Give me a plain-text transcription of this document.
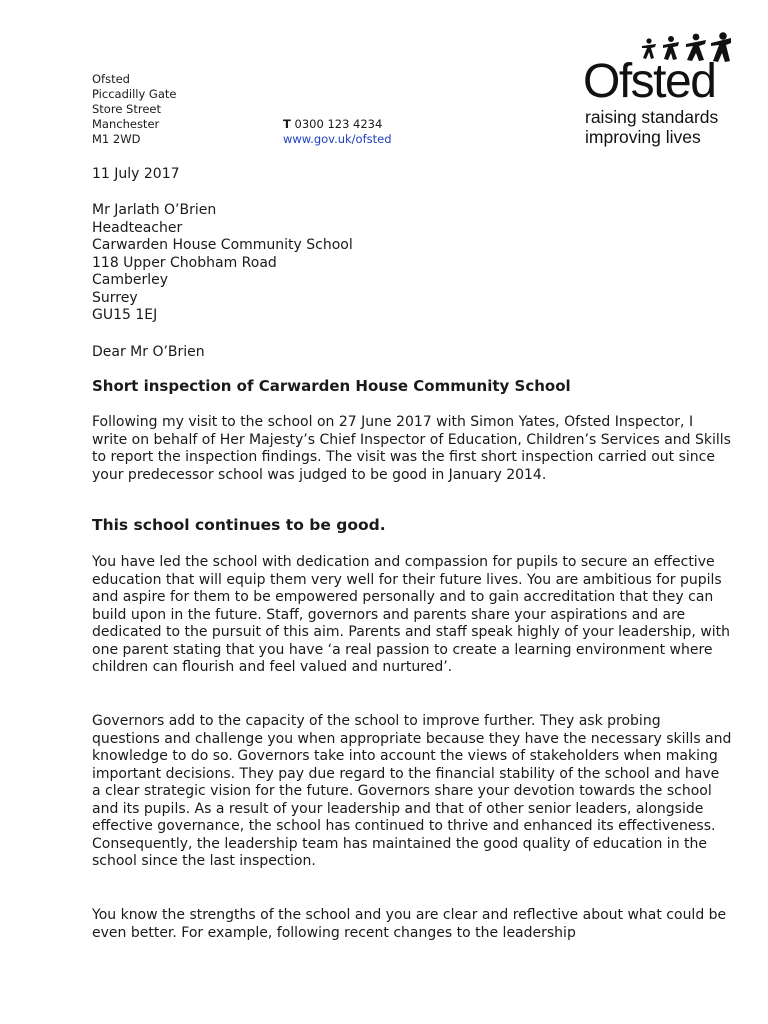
Ofsted
Piccadilly Gate
Store Street
Manchester
M1 2WD
T 0300 123 4234
www.gov.uk/ofsted
Ofsted
raising standards
improving lives
11 July 2017
Mr Jarlath O’Brien
Headteacher
Carwarden House Community School
118 Upper Chobham Road
Camberley
Surrey
GU15 1EJ
Dear Mr O’Brien
Short inspection of Carwarden House Community School

Following my visit to the school on 27 June 2017 with Simon Yates, Ofsted Inspector, I write on behalf of Her Majesty’s Chief Inspector of Education, Children’s Services and Skills to report the inspection findings. The visit was the first short inspection carried out since your predecessor school was judged to be good in January 2014.

This school continues to be good.

You have led the school with dedication and compassion for pupils to secure an effective education that will equip them very well for their future lives. You are ambitious for pupils and aspire for them to be empowered personally and to gain accreditation that they can build upon in the future. Staff, governors and parents share your aspirations and are dedicated to the pursuit of this aim. Parents and staff speak highly of your leadership, with one parent stating that you have ‘a real passion to create a learning environment where children can flourish and feel valued and nurtured’.

Governors add to the capacity of the school to improve further. They ask probing questions and challenge you when appropriate because they have the necessary skills and knowledge to do so. Governors take into account the views of stakeholders when making important decisions. They pay due regard to the financial stability of the school and have a clear strategic vision for the future. Governors share your devotion towards the school and its pupils. As a result of your leadership and that of other senior leaders, alongside effective governance, the school has continued to thrive and enhanced its effectiveness. Consequently, the leadership team has maintained the good quality of education in the school since the last inspection.

You know the strengths of the school and you are clear and reflective about what could be even better. For example, following recent changes to the leadership
